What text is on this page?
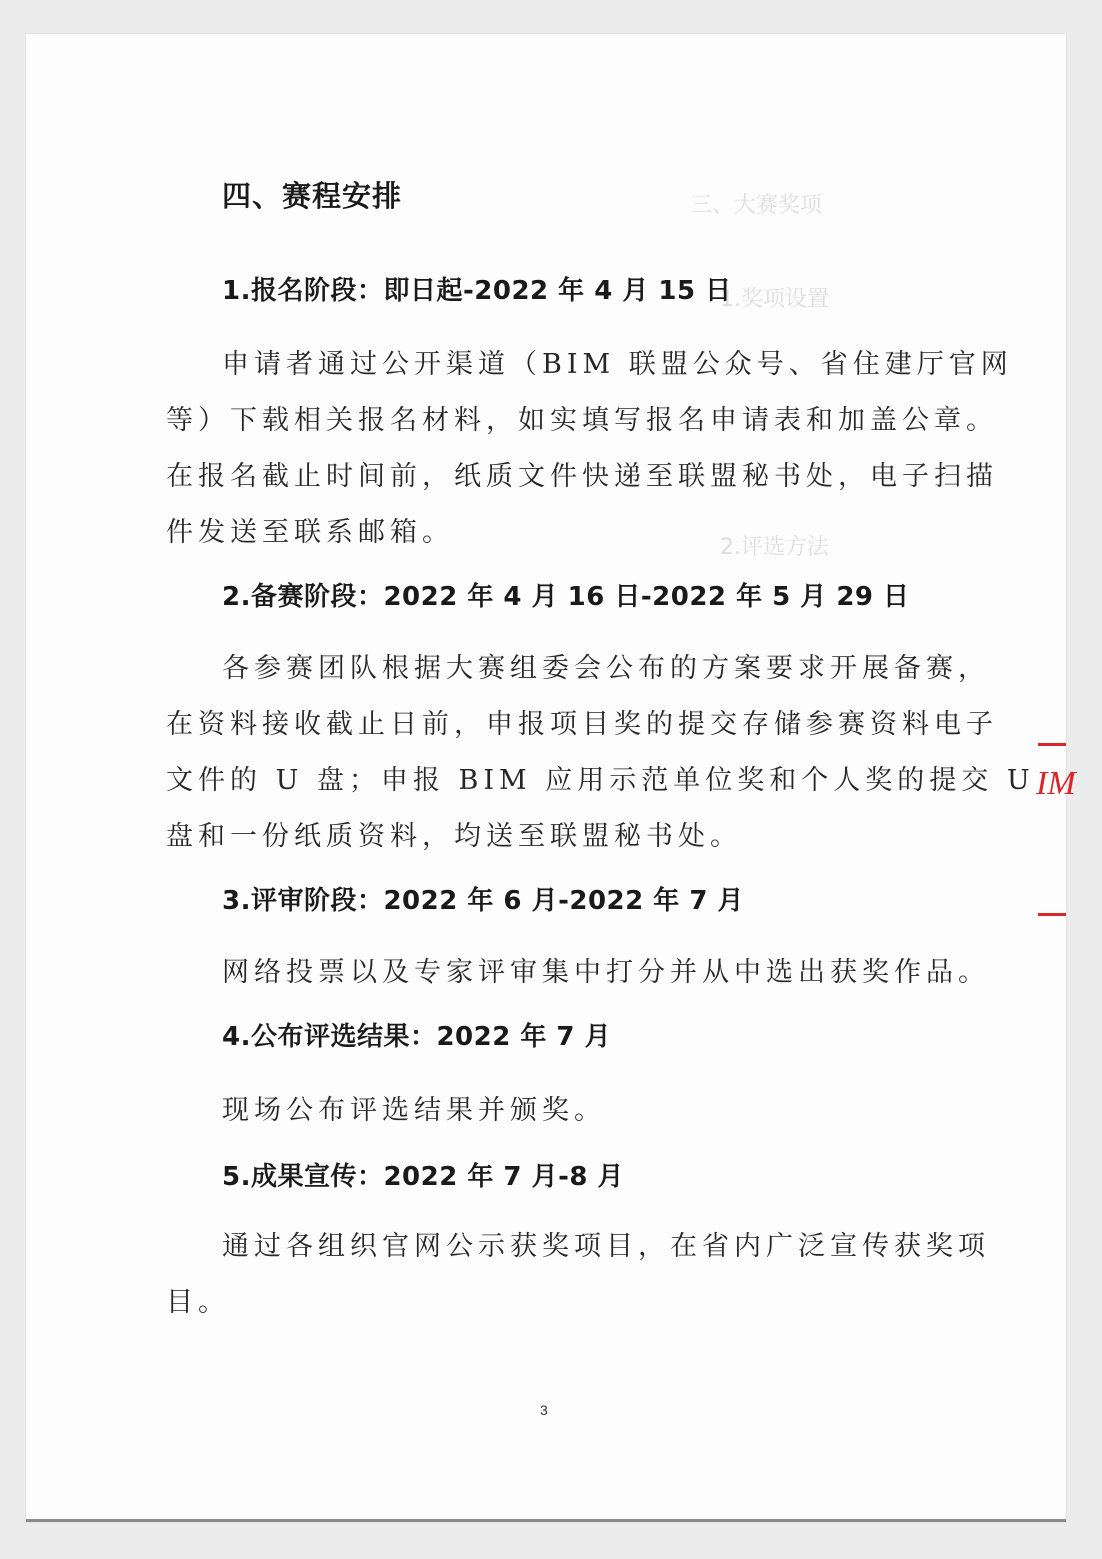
三、大赛奖项
1.奖项设置
2.评选方法
四、赛程安排
1.报名阶段：即日起-2022 年 4 月 15 日
申请者通过公开渠道（BIM 联盟公众号、省住建厅官网
等）下载相关报名材料，如实填写报名申请表和加盖公章。
在报名截止时间前，纸质文件快递至联盟秘书处，电子扫描
件发送至联系邮箱。
2.备赛阶段：2022 年 4 月 16 日-2022 年 5 月 29 日
各参赛团队根据大赛组委会公布的方案要求开展备赛，
在资料接收截止日前，申报项目奖的提交存储参赛资料电子
文件的 U 盘；申报 BIM 应用示范单位奖和个人奖的提交 U
盘和一份纸质资料，均送至联盟秘书处。
3.评审阶段：2022 年 6 月-2022 年 7 月
网络投票以及专家评审集中打分并从中选出获奖作品。
4.公布评选结果：2022 年 7 月
现场公布评选结果并颁奖。
5.成果宣传：2022 年 7 月-8 月
通过各组织官网公示获奖项目，在省内广泛宣传获奖项
目。
3
IM
